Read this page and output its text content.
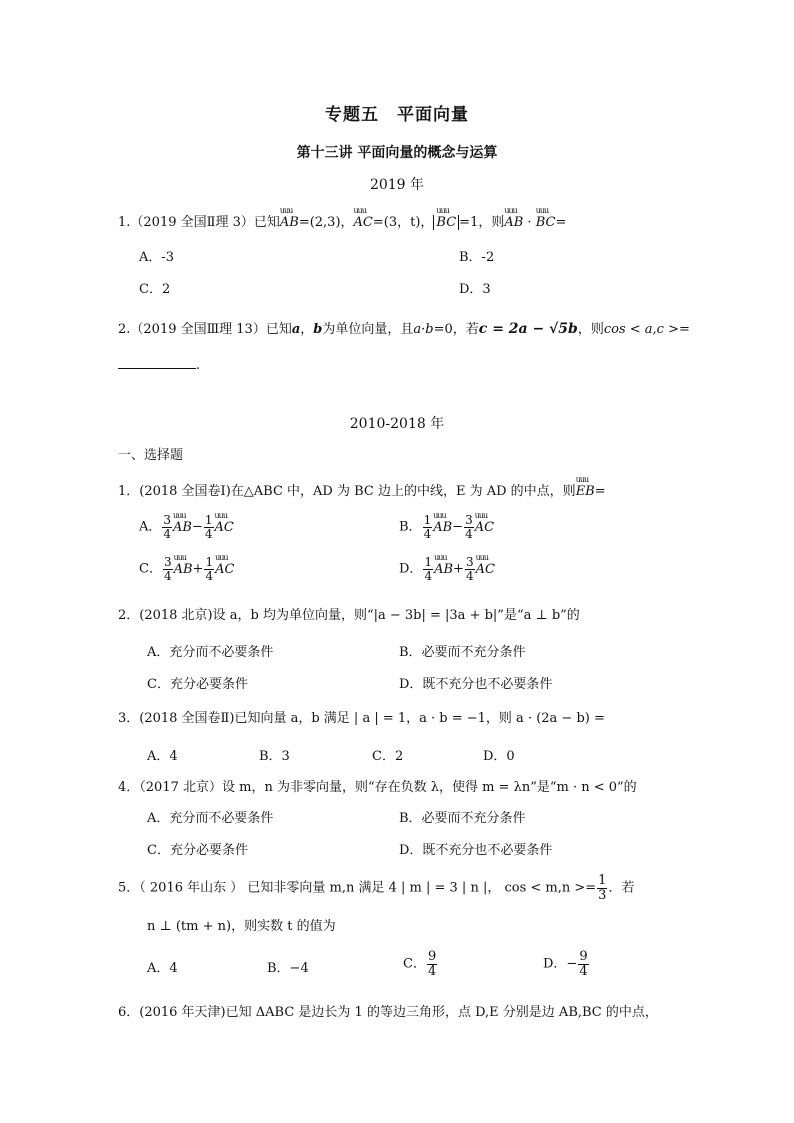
专题五　平面向量
第十三讲 平面向量的概念与运算
2019 年
1.（2019 全国Ⅱ理 3）已知uuu AB=(2,3)，uuu AC=(3，t)， uuu BC =1，则uuu AB · uuu BC=
A．-3	B．-2
C．2	D．3
2.（2019 全国Ⅲ理 13）已知a，b为单位向量，且a·b=0，若c = 2a − √5b，则cos < a,c >=
.
2010-2018 年
一、选择题
1．(2018 全国卷Ⅰ)在△ABC 中，AD 为 BC 边上的中线，E 为 AD 的中点，则uuu EB=
A． $\frac{3}{4}$ uuu $AB- \frac{1}{4}$ uuu AC	B． $\frac{1}{4}$ uuu $AB- \frac{3}{4}$ uuu AC
C． $\frac{3}{4}$ uuu $AB+ \frac{1}{4}$ uuu AC	D． $\frac{1}{4}$ uuu $AB+ \frac{3}{4}$ uuu AC
2．(2018 北京)设 a，b 均为单位向量，则“|a − 3b| = |3a + b|”是“a ⊥ b”的
A．充分而不必要条件	B．必要而不充分条件
C．充分必要条件	D．既不充分也不必要条件
3．(2018 全国卷Ⅱ)已知向量 a，b 满足 | a | = 1，a · b = −1，则 a · (2a − b) =
A．4	B．3	C．2	D．0
4．（2017 北京）设 m，n 为非零向量，则“存在负数 λ，使得 m = λn”是“m · n < 0”的
A．充分而不必要条件	B．必要而不充分条件
C．充分必要条件	D．既不充分也不必要条件
5．（ 2016 年山东 ） 已知非零向量 m,n 满足 4 | m | = 3 | n |， $\cos < m,n >= \frac{1}{3}$ ．若
n ⊥ (tm + n)，则实数 t 的值为
A．4	B．−4	C． $\frac{9}{4}$	D．− $\frac{9}{4}$
6．(2016 年天津)已知 ΔABC 是边长为 1 的等边三角形，点 D,E 分别是边 AB,BC 的中点，
